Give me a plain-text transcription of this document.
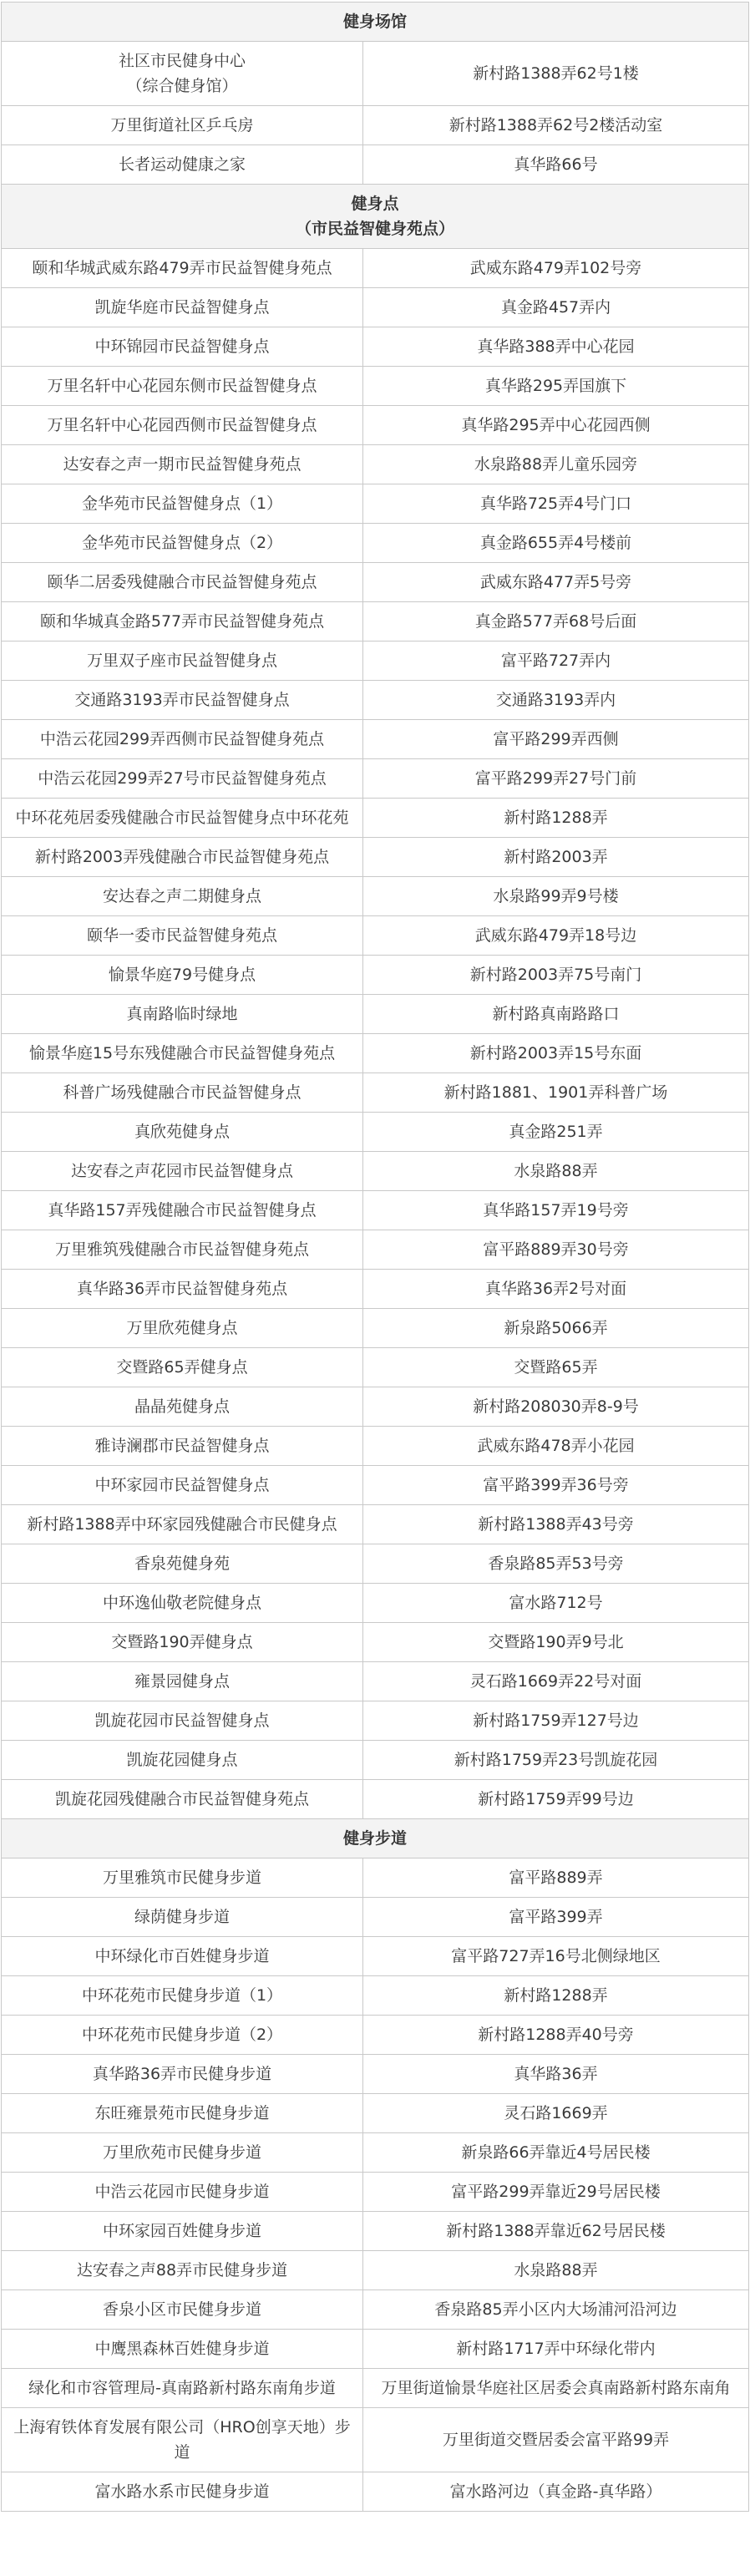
健身场馆	
社区市民健身中心
（综合健身馆）	新村路1388弄62号1楼
万里街道社区乒乓房	新村路1388弄62号2楼活动室
长者运动健康之家	真华路66号
健身点
（市民益智健身苑点）	
颐和华城武威东路479弄市民益智健身苑点	武威东路479弄102号旁
凯旋华庭市民益智健身点	真金路457弄内
中环锦园市民益智健身点	真华路388弄中心花园
万里名轩中心花园东侧市民益智健身点	真华路295弄国旗下
万里名轩中心花园西侧市民益智健身点	真华路295弄中心花园西侧
达安春之声一期市民益智健身苑点	水泉路88弄儿童乐园旁
金华苑市民益智健身点（1）	真华路725弄4号门口
金华苑市民益智健身点（2）	真金路655弄4号楼前
颐华二居委残健融合市民益智健身苑点	武威东路477弄5号旁
颐和华城真金路577弄市民益智健身苑点	真金路577弄68号后面
万里双子座市民益智健身点	富平路727弄内
交通路3193弄市民益智健身点	交通路3193弄内
中浩云花园299弄西侧市民益智健身苑点	富平路299弄西侧
中浩云花园299弄27号市民益智健身苑点	富平路299弄27号门前
中环花苑居委残健融合市民益智健身点中环花苑	新村路1288弄
新村路2003弄残健融合市民益智健身苑点	新村路2003弄
安达春之声二期健身点	水泉路99弄9号楼
颐华一委市民益智健身苑点	武威东路479弄18号边
愉景华庭79号健身点	新村路2003弄75号南门
真南路临时绿地	新村路真南路路口
愉景华庭15号东残健融合市民益智健身苑点	新村路2003弄15号东面
科普广场残健融合市民益智健身点	新村路1881、1901弄科普广场
真欣苑健身点	真金路251弄
达安春之声花园市民益智健身点	水泉路88弄
真华路157弄残健融合市民益智健身点	真华路157弄19号旁
万里雅筑残健融合市民益智健身苑点	富平路889弄30号旁
真华路36弄市民益智健身苑点	真华路36弄2号对面
万里欣苑健身点	新泉路5066弄
交暨路65弄健身点	交暨路65弄
晶晶苑健身点	新村路208030弄8-9号
雅诗澜郡市民益智健身点	武威东路478弄小花园
中环家园市民益智健身点	富平路399弄36号旁
新村路1388弄中环家园残健融合市民健身点	新村路1388弄43号旁
香泉苑健身苑	香泉路85弄53号旁
中环逸仙敬老院健身点	富水路712号
交暨路190弄健身点	交暨路190弄9号北
雍景园健身点	灵石路1669弄22号对面
凯旋花园市民益智健身点	新村路1759弄127号边
凯旋花园健身点	新村路1759弄23号凯旋花园
凯旋花园残健融合市民益智健身苑点	新村路1759弄99号边
健身步道	
万里雅筑市民健身步道	富平路889弄
绿荫健身步道	富平路399弄
中环绿化市百姓健身步道	富平路727弄16号北侧绿地区
中环花苑市民健身步道（1）	新村路1288弄
中环花苑市民健身步道（2）	新村路1288弄40号旁
真华路36弄市民健身步道	真华路36弄
东旺雍景苑市民健身步道	灵石路1669弄
万里欣苑市民健身步道	新泉路66弄靠近4号居民楼
中浩云花园市民健身步道	富平路299弄靠近29号居民楼
中环家园百姓健身步道	新村路1388弄靠近62号居民楼
达安春之声88弄市民健身步道	水泉路88弄
香泉小区市民健身步道	香泉路85弄小区内大场浦河沿河边
中鹰黑森林百姓健身步道	新村路1717弄中环绿化带内
绿化和市容管理局-真南路新村路东南角步道	万里街道愉景华庭社区居委会真南路新村路东南角
上海宥铁体育发展有限公司（HRO创享天地）步道	万里街道交暨居委会富平路99弄
富水路水系市民健身步道	富水路河边（真金路-真华路）
